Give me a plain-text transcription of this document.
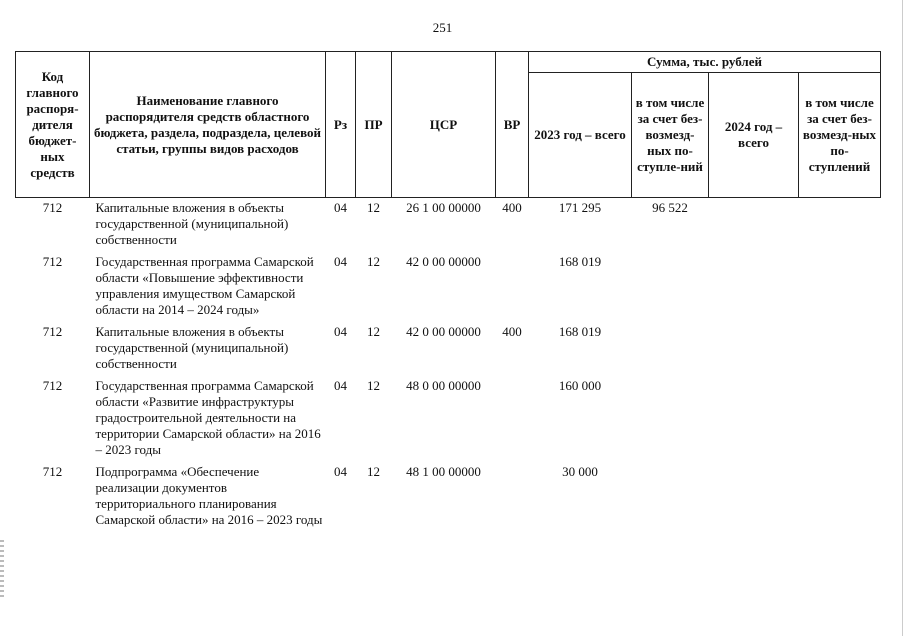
251
Код главного распоря-дителя бюджет-ных средств	Наименование главного распорядителя средств областного бюджета, раздела, подраздела, целевой статьи, группы видов расходов	Рз	ПР	ЦСР	ВР	Сумма, тыс. рублей			
						2023 год – всего	в том числе за счет без-возмезд-ных по-ступле-ний	2024 год – всего	в том числе за счет без-возмезд-ных по-ступлений
712	Капитальные вложения в объекты государственной (муниципальной) собственности	04	12	26 1 00 00000	400	171 295	96 522		
712	Государственная программа Самарской области «Повышение эффективности управления имуществом Самарской области на 2014 – 2024 годы»	04	12	42 0 00 00000		168 019			
712	Капитальные вложения в объекты государственной (муниципальной) собственности	04	12	42 0 00 00000	400	168 019			
712	Государственная программа Самарской области «Развитие инфраструктуры градостроительной деятельности на территории Самарской области» на 2016 – 2023 годы	04	12	48 0 00 00000		160 000			
712	Подпрограмма «Обеспечение реализации документов территориального планирования Самарской области» на 2016 – 2023 годы	04	12	48 1 00 00000		30 000			
